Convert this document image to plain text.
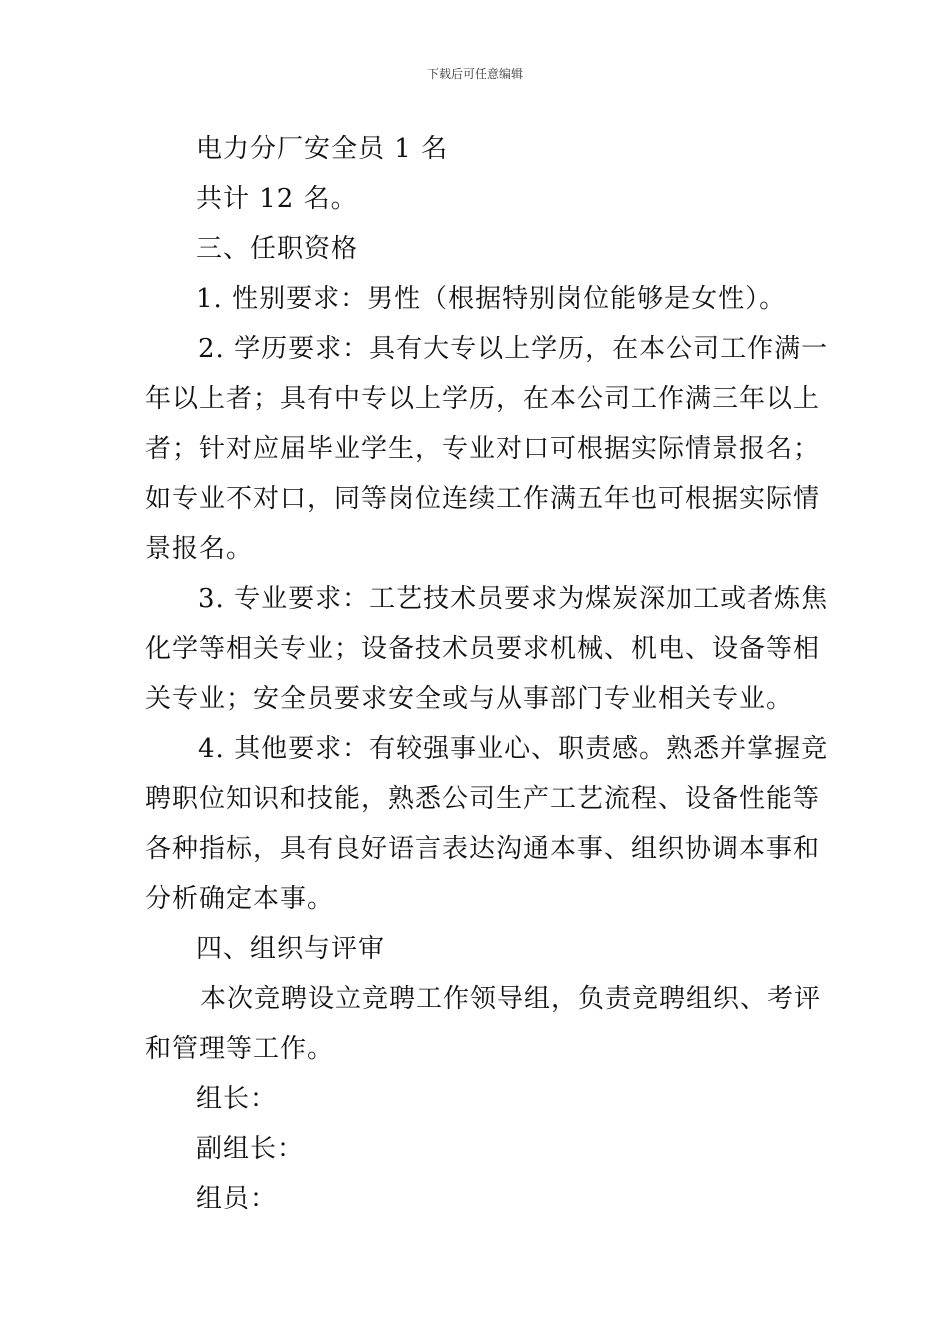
下载后可任意编辑
电力分厂安全员 1 名
共计 12 名。
三、任职资格
1. 性别要求：男性（根据特别岗位能够是女性）。
2. 学历要求：具有大专以上学历，在本公司工作满一
年以上者；具有中专以上学历，在本公司工作满三年以上
者；针对应届毕业学生，专业对口可根据实际情景报名；
如专业不对口，同等岗位连续工作满五年也可根据实际情
景报名。
3. 专业要求：工艺技术员要求为煤炭深加工或者炼焦
化学等相关专业；设备技术员要求机械、机电、设备等相
关专业；安全员要求安全或与从事部门专业相关专业。
4. 其他要求：有较强事业心、职责感。熟悉并掌握竞
聘职位知识和技能，熟悉公司生产工艺流程、设备性能等
各种指标，具有良好语言表达沟通本事、组织协调本事和
分析确定本事。
四、组织与评审
本次竞聘设立竞聘工作领导组，负责竞聘组织、考评
和管理等工作。
组长：
副组长：
组员：
